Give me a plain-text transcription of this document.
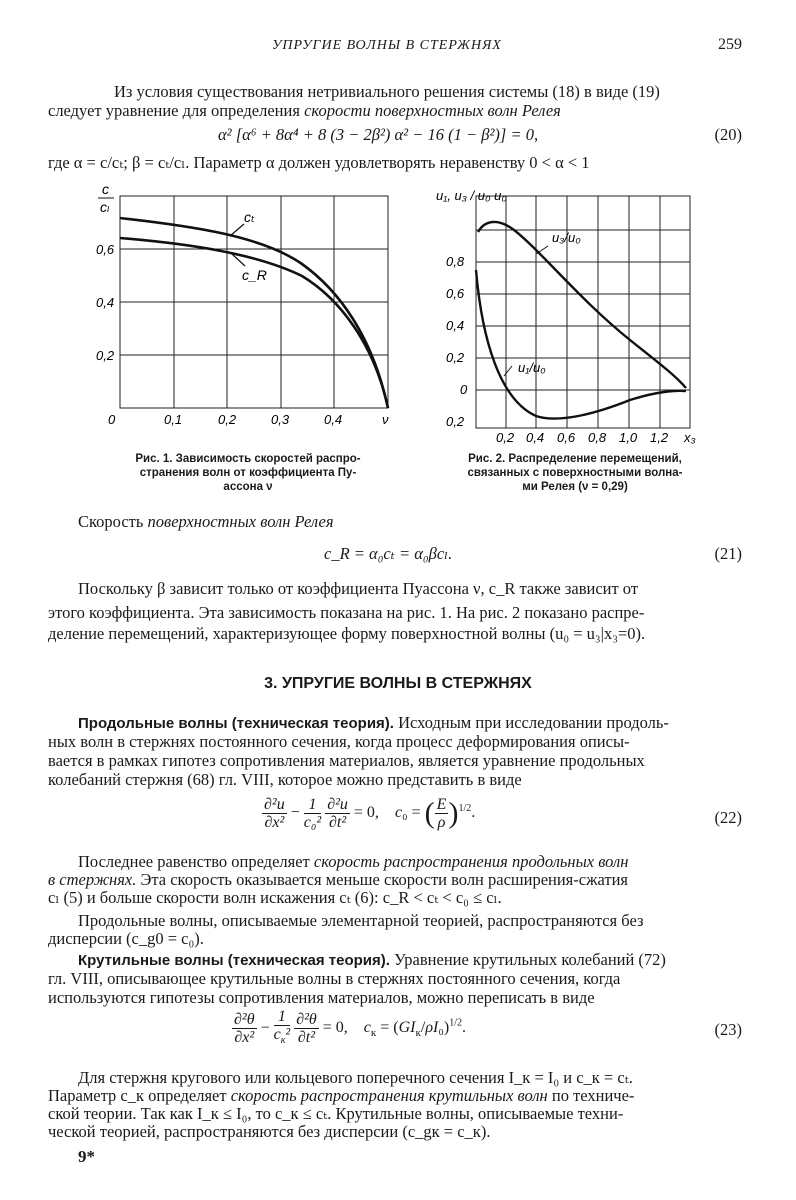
УПРУГИЕ ВОЛНЫ В СТЕРЖНЯХ	259
Из условия существования нетривиального решения системы (18) в виде (19)
следует уравнение для определения скорости поверхностных волн Релея
α² [α⁶ + 8α⁴ + 8 (3 − 2β²) α² − 16 (1 − β²)] = 0,	(20)
где α = c/cₜ; β = cₜ/cₗ. Параметр α должен удовлетворять неравенству 0 < α < 1
cₜ
c_R
c
cₗ
0,6
0,4
0,2
0	0,1	0,2	0,3	0,4	ν
Рис. 1. Зависимость скоростей распро-
странения волн от коэффициента Пу-
ассона ν
u₃/u₀
u₁/u₀
u₁, u₃ / u₀ u₀
0,8
0,6
0,4
0,2
0
0,2
0,2 0,4 0,6 0,8 1,0 1,2 x₃
Рис. 2. Распределение перемещений,
связанных с поверхностными волна-
ми Релея (ν = 0,29)
Скорость поверхностных волн Релея
c_R = α₀cₜ = α₀βcₗ.	(21)
Поскольку β зависит только от коэффициента Пуассона ν, c_R также зависит от
этого коэффициента. Эта зависимость показана на рис. 1. На рис. 2 показано распре-
деление перемещений, характеризующее форму поверхностной волны (u₀ = u₃|x₃=0).
3. УПРУГИЕ ВОЛНЫ В СТЕРЖНЯХ
Продольные волны (техническая теория). Исходным при исследовании продоль-
ных волн в стержнях постоянного сечения, когда процесс деформирования описы-
вается в рамках гипотез сопротивления материалов, является уравнение продольных
колебаний стержня (68) гл. VIII, которое можно представить в виде
$\frac{\text{∂²u}}{\text{∂x²}} - \frac{1}{\text{c₀²}}$
$\frac{\text{∂²u}}{\text{∂t²}} = 0$,    c₀ = ( $\frac{E}{\rho} )^{1/2}$.	(22)
Последнее равенство определяет скорость распространения продольных волн
в стержнях. Эта скорость оказывается меньше скорости волн расширения-сжатия
cₗ (5) и больше скорости волн искажения cₜ (6): c_R < cₜ < c₀ ≤ cₗ.
Продольные волны, описываемые элементарной теорией, распространяются без
дисперсии (c_g0 = c₀).
Крутильные волны (техническая теория). Уравнение крутильных колебаний (72)
гл. VIII, описывающее крутильные волны в стержнях постоянного сечения, когда
используются гипотезы сопротивления материалов, можно переписать в виде
$\frac{\text{∂²θ}}{\text{∂x²}} - \frac{1}{c_к^2}$
$\frac{\text{∂²θ}}{\text{∂t²}} = 0$,    $c_к = (GI_к/\rho I_0)^{1/2}$.	(23)
Для стержня кругового или кольцевого поперечного сечения I_к = I₀ и c_к = cₜ.
Параметр c_к определяет скорость распространения крутильных волн по техниче-
ской теории. Так как I_к ≤ I₀, то c_к ≤ cₜ. Крутильные волны, описываемые техни-
ческой теорией, распространяются без дисперсии (c_gк = c_к).
9*
